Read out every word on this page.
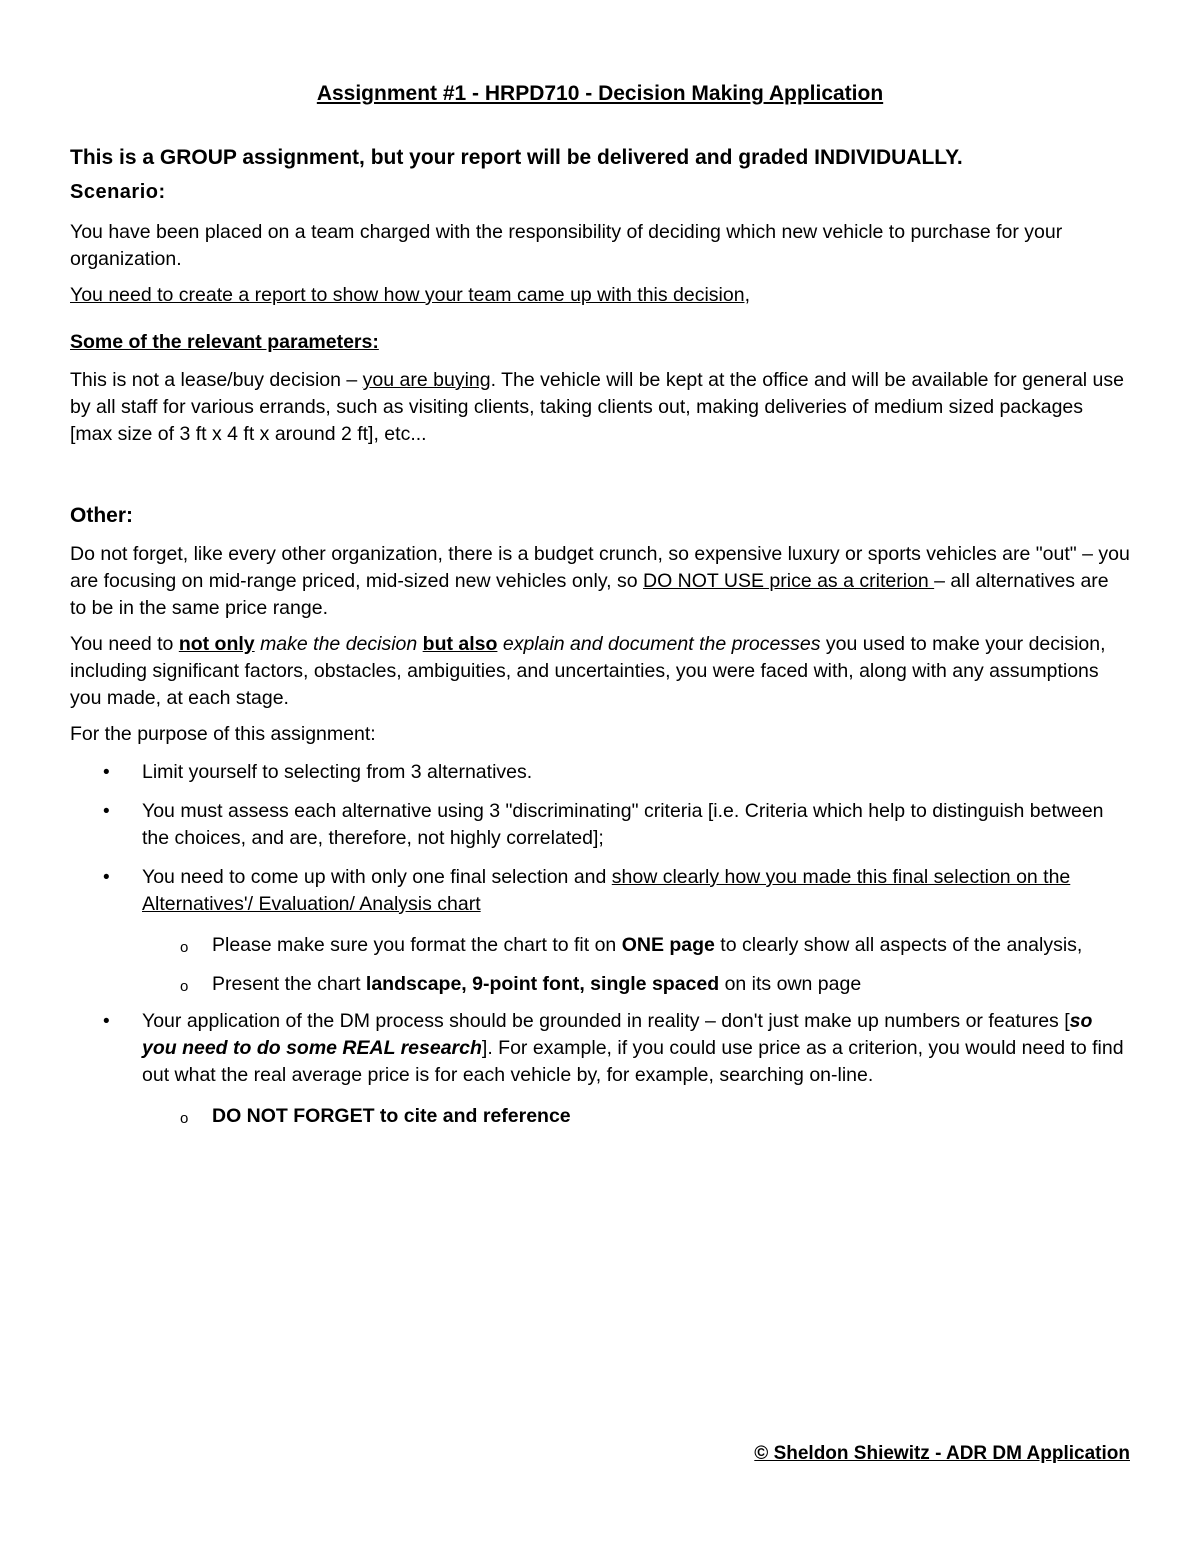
Assignment #1 - HRPD710 - Decision Making Application
This is a GROUP assignment, but your report will be delivered and graded INDIVIDUALLY.
Scenario:

You have been placed on a team charged with the responsibility of deciding which new vehicle to purchase for your organization.

You need to create a report to show how your team came up with this decision,

Some of the relevant parameters:

This is not a lease/buy decision – you are buying. The vehicle will be kept at the office and will be available for general use by all staff for various errands, such as visiting clients, taking clients out, making deliveries of medium sized packages [max size of 3 ft x 4 ft x around 2 ft], etc...

Other:

Do not forget, like every other organization, there is a budget crunch, so expensive luxury or sports vehicles are "out" – you are focusing on mid-range priced, mid-sized new vehicles only, so DO NOT USE price as a criterion – all alternatives are to be in the same price range.

You need to not only make the decision but also explain and document the processes you used to make your decision, including significant factors, obstacles, ambiguities, and uncertainties, you were faced with, along with any assumptions you made, at each stage.

For the purpose of this assignment:

• Limit yourself to selecting from 3 alternatives.
• You must assess each alternative using 3 "discriminating" criteria [i.e. Criteria which help to distinguish between the choices, and are, therefore, not highly correlated];
• You need to come up with only one final selection and show clearly how you made this final selection on the Alternatives'/ Evaluation/ Analysis chart
o Please make sure you format the chart to fit on ONE page to clearly show all aspects of the analysis,
o Present the chart landscape, 9-point font, single spaced on its own page
• Your application of the DM process should be grounded in reality – don't just make up numbers or features [so you need to do some REAL research]. For example, if you could use price as a criterion, you would need to find out what the real average price is for each vehicle by, for example, searching on-line.
o DO NOT FORGET to cite and reference
© Sheldon Shiewitz - ADR DM Application
